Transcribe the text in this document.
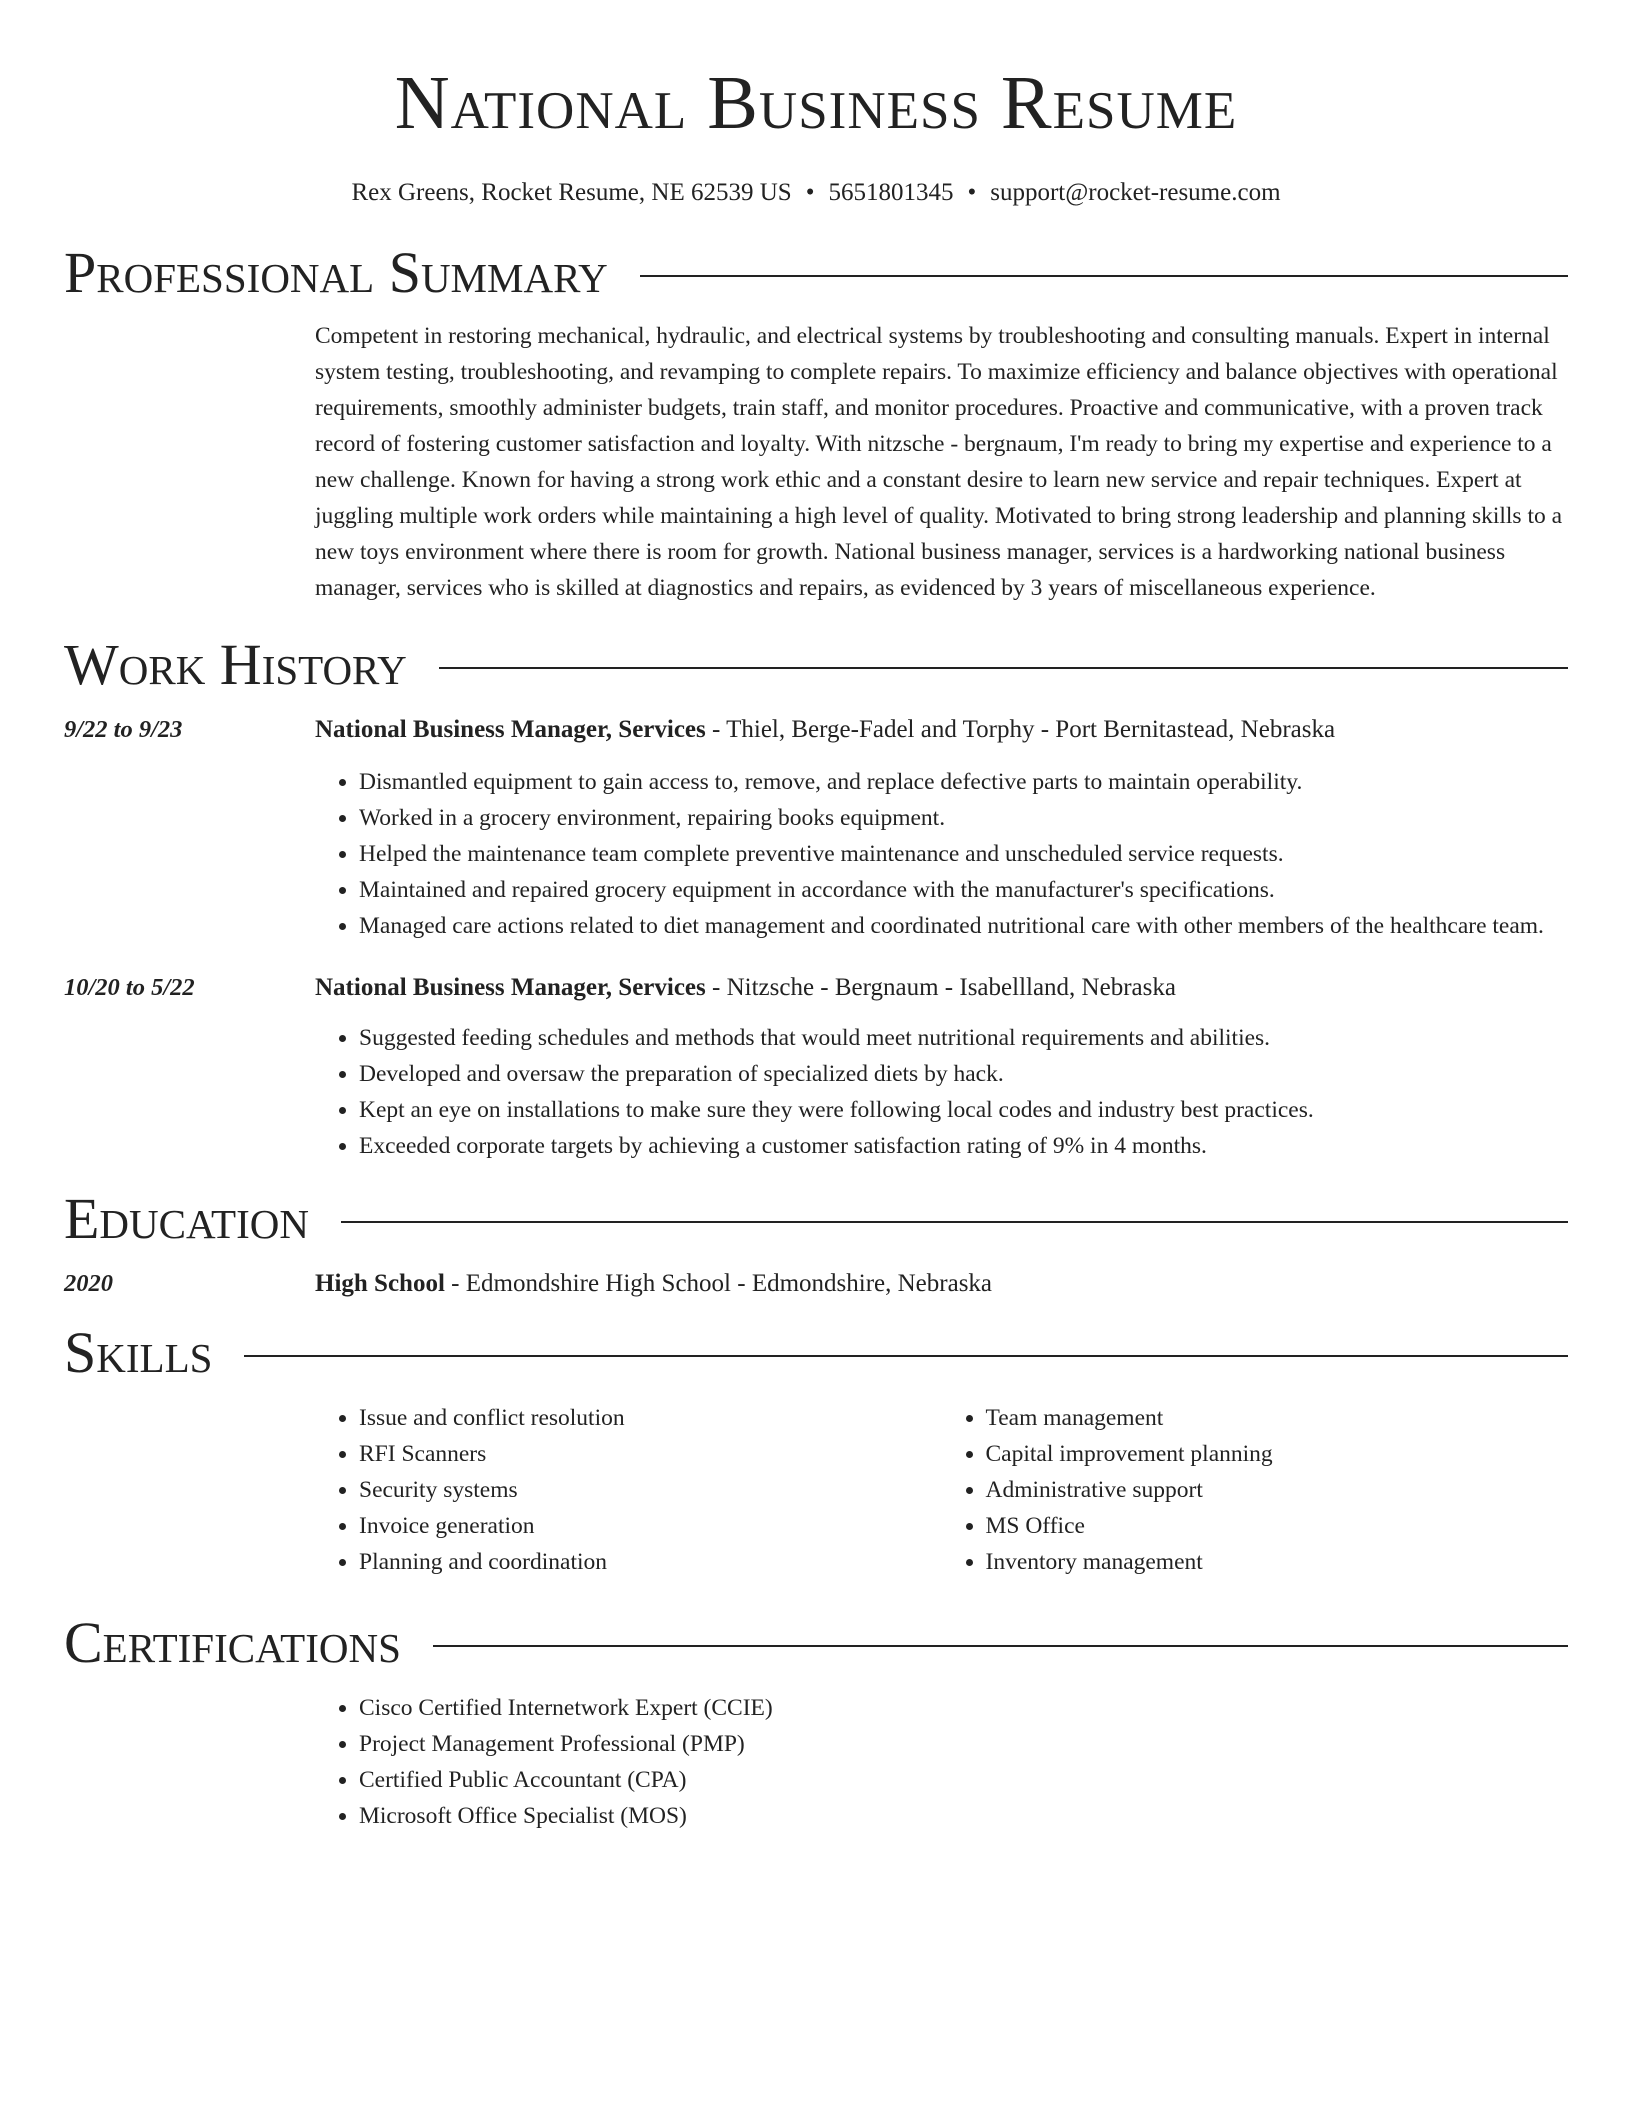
National Business Resume
Rex Greens, Rocket Resume, NE 62539 US • 5651801345 • support@rocket-resume.com
Professional Summary
Competent in restoring mechanical, hydraulic, and electrical systems by troubleshooting and consulting manuals. Expert in internal system testing, troubleshooting, and revamping to complete repairs. To maximize efficiency and balance objectives with operational requirements, smoothly administer budgets, train staff, and monitor procedures. Proactive and communicative, with a proven track record of fostering customer satisfaction and loyalty. With nitzsche - bergnaum, I'm ready to bring my expertise and experience to a new challenge. Known for having a strong work ethic and a constant desire to learn new service and repair techniques. Expert at juggling multiple work orders while maintaining a high level of quality. Motivated to bring strong leadership and planning skills to a new toys environment where there is room for growth. National business manager, services is a hardworking national business manager, services who is skilled at diagnostics and repairs, as evidenced by 3 years of miscellaneous experience.
Work History
9/22 to 9/23	National Business Manager, Services - Thiel, Berge-Fadel and Torphy - Port Bernitastead, Nebraska
• Dismantled equipment to gain access to, remove, and replace defective parts to maintain operability.
• Worked in a grocery environment, repairing books equipment.
• Helped the maintenance team complete preventive maintenance and unscheduled service requests.
• Maintained and repaired grocery equipment in accordance with the manufacturer's specifications.
• Managed care actions related to diet management and coordinated nutritional care with other members of the healthcare team.
10/20 to 5/22	National Business Manager, Services - Nitzsche - Bergnaum - Isabellland, Nebraska
• Suggested feeding schedules and methods that would meet nutritional requirements and abilities.
• Developed and oversaw the preparation of specialized diets by hack.
• Kept an eye on installations to make sure they were following local codes and industry best practices.
• Exceeded corporate targets by achieving a customer satisfaction rating of 9% in 4 months.
Education
2020	High School - Edmondshire High School - Edmondshire, Nebraska
Skills
• Issue and conflict resolution
• RFI Scanners
• Security systems
• Invoice generation
• Planning and coordination
• Team management
• Capital improvement planning
• Administrative support
• MS Office
• Inventory management
Certifications
• Cisco Certified Internetwork Expert (CCIE)
• Project Management Professional (PMP)
• Certified Public Accountant (CPA)
• Microsoft Office Specialist (MOS)
